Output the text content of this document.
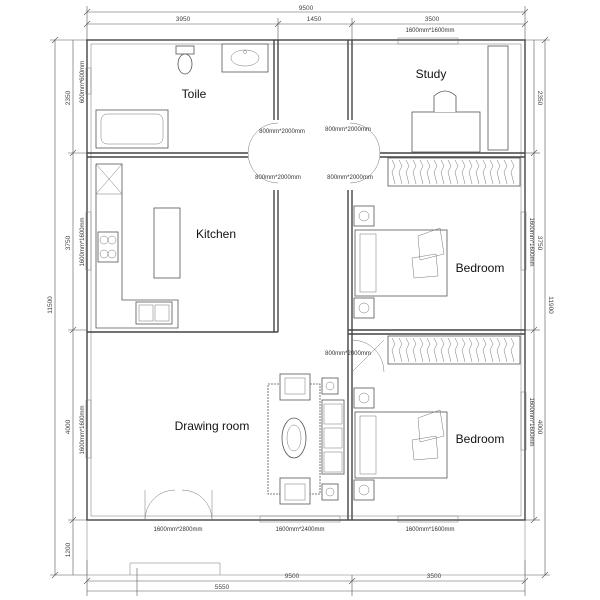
9500
3950	1450	3500
9500
5550
3500
11500
2350
3750
4000
1200
11900
2350
3750
4000
Toile
Study
Kitchen
Bedroom
Drawing room
Bedroom
1600mm*1600mm
600mm*600mm
1600mm*1600mm
1600mm*1600mm
1600mm*1600mm
1600mm*1600mm
800mm*2000mm	800mm*2000mm
800mm*2000mm	800mm*2000mm
800mm*2000mm
1600mm*2800mm	1600mm*2400mm	1600mm*1600mm
